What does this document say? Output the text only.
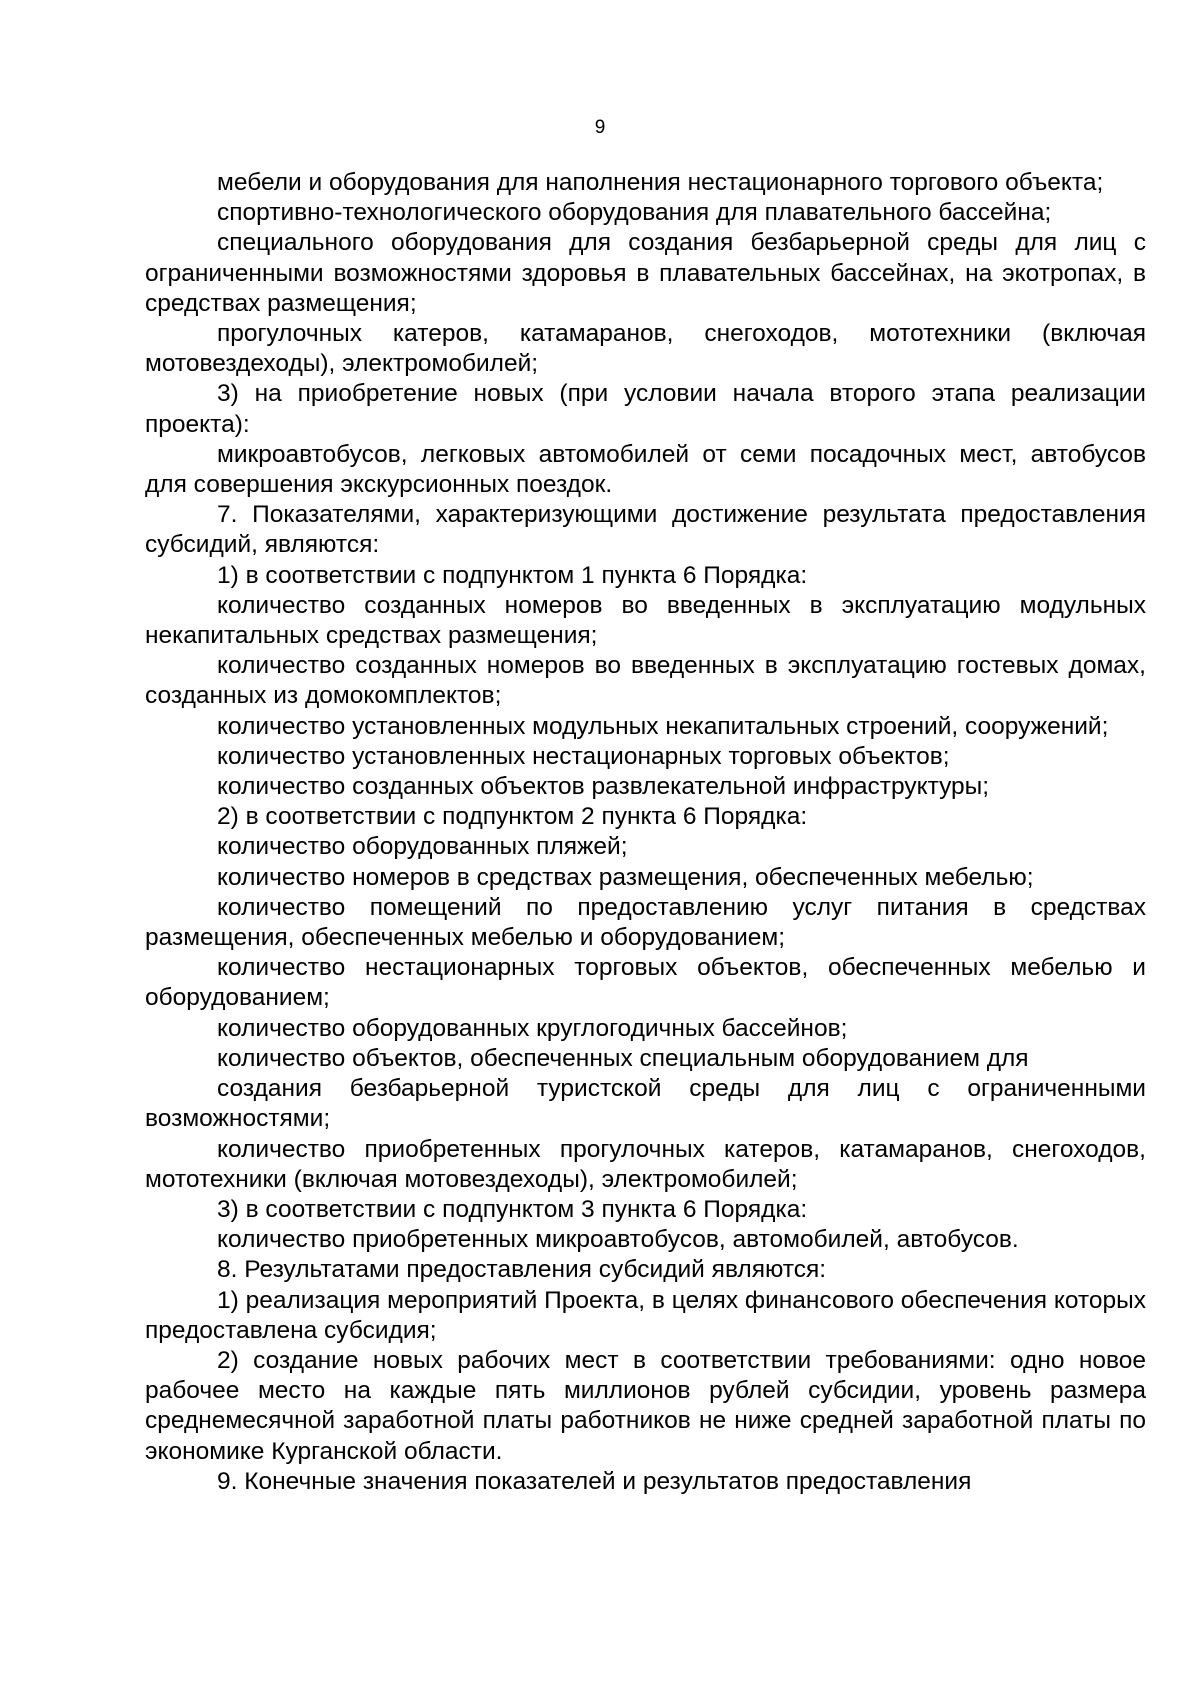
9

мебели и оборудования для наполнения нестационарного торгового объекта;

спортивно-технологического оборудования для плавательного бассейна;

специального оборудования для создания безбарьерной среды для лиц с ограниченными возможностями здоровья в плавательных бассейнах, на экотропах, в средствах размещения;

прогулочных катеров, катамаранов, снегоходов, мототехники (включая мотовездеходы), электромобилей;

3) на приобретение новых (при условии начала второго этапа реализации проекта):

микроавтобусов, легковых автомобилей от семи посадочных мест, автобусов для совершения экскурсионных поездок.

7. Показателями, характеризующими достижение результата предоставления субсидий, являются:

1) в соответствии с подпунктом 1 пункта 6 Порядка:

количество созданных номеров во введенных в эксплуатацию модульных некапитальных средствах размещения;

количество созданных номеров во введенных в эксплуатацию гостевых домах, созданных из домокомплектов;

количество установленных модульных некапитальных строений, сооружений;

количество установленных нестационарных торговых объектов;

количество созданных объектов развлекательной инфраструктуры;

2) в соответствии с подпунктом 2 пункта 6 Порядка:

количество оборудованных пляжей;

количество номеров в средствах размещения, обеспеченных мебелью;

количество помещений по предоставлению услуг питания в средствах размещения, обеспеченных мебелью и оборудованием;

количество нестационарных торговых объектов, обеспеченных мебелью и оборудованием;

количество оборудованных круглогодичных бассейнов;

количество объектов, обеспеченных специальным оборудованием для

создания безбарьерной туристской среды для лиц с ограниченными возможностями;

количество приобретенных прогулочных катеров, катамаранов, снегоходов, мототехники (включая мотовездеходы), электромобилей;

3) в соответствии с подпунктом 3 пункта 6 Порядка:

количество приобретенных микроавтобусов, автомобилей, автобусов.

8. Результатами предоставления субсидий являются:

1) реализация мероприятий Проекта, в целях финансового обеспечения которых предоставлена субсидия;

2) создание новых рабочих мест в соответствии требованиями: одно новое рабочее место на каждые пять миллионов рублей субсидии, уровень размера среднемесячной заработной платы работников не ниже средней заработной платы по экономике Курганской области.

9. Конечные значения показателей и результатов предоставления
